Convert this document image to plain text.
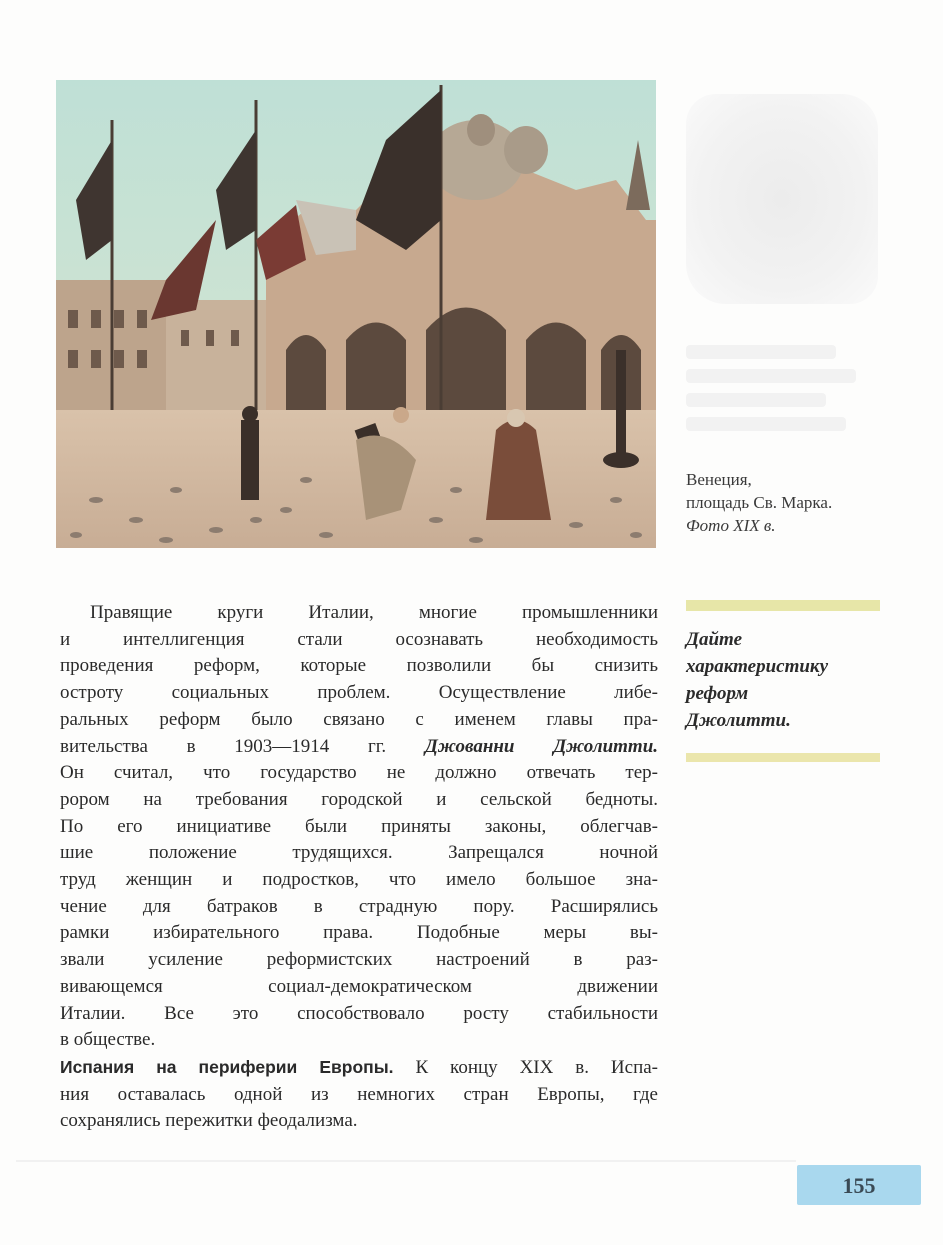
Венеция,
площадь Св. Марка.
Фото XIX в.
Дайте
характеристику
реформ
Джолитти.
Правящие круги Италии, многие промышленники
и интеллигенция стали осознавать необходимость
проведения реформ, которые позволили бы снизить
остроту социальных проблем. Осуществление либе-
ральных реформ было связано с именем главы пра-
вительства в 1903—1914 гг. Джованни Джолитти.
Он считал, что государство не должно отвечать тер-
рором на требования городской и сельской бедноты.
По его инициативе были приняты законы, облегчав-
шие положение трудящихся. Запрещался ночной
труд женщин и подростков, что имело большое зна-
чение для батраков в страдную пору. Расширялись
рамки избирательного права. Подобные меры вы-
звали усиление реформистских настроений в раз-
вивающемся социал-демократическом движении
Италии. Все это способствовало росту стабильности
в обществе.
Испания на периферии Европы. К концу XIX в. Испа-
ния оставалась одной из немногих стран Европы, где
сохранялись пережитки феодализма.
155
